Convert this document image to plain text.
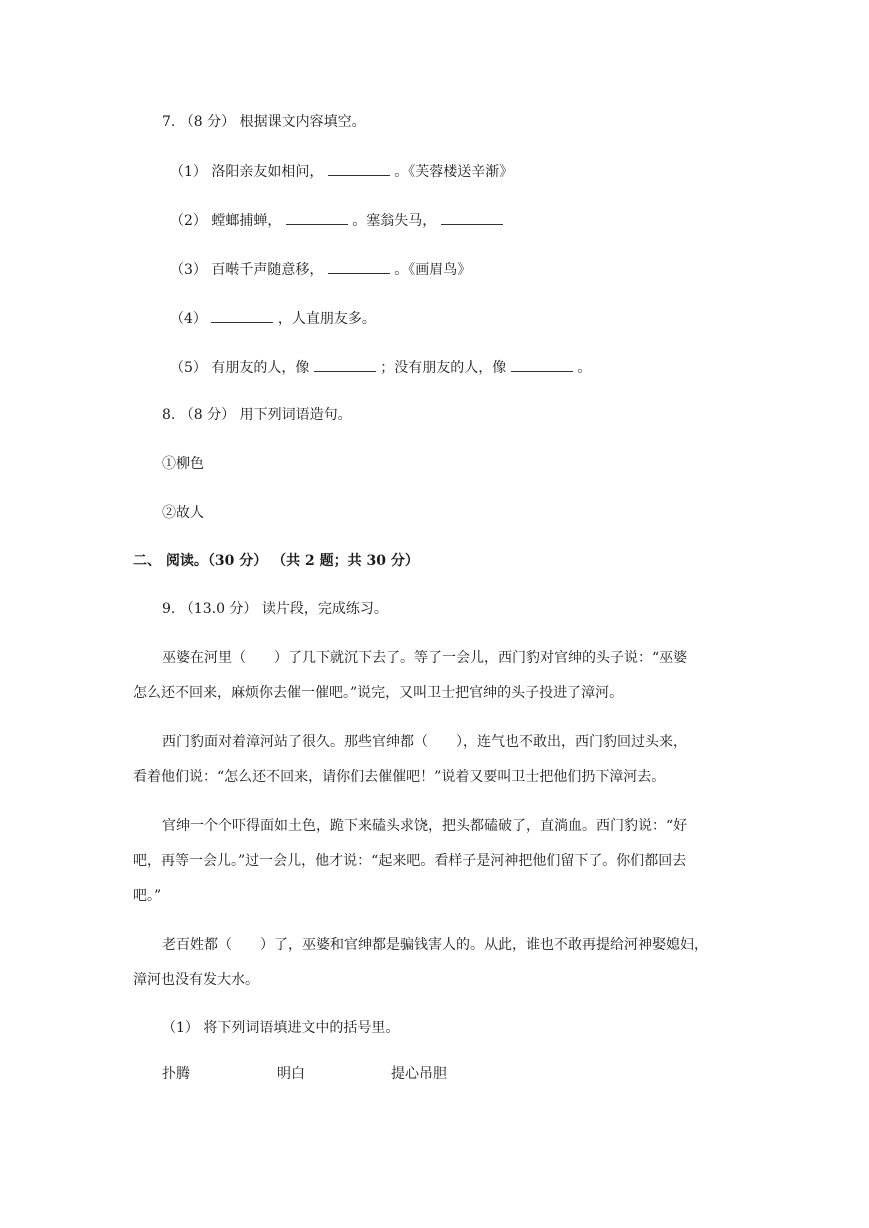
7. （8 分） 根据课文内容填空。
（1） 洛阳亲友如相问，	。《芙蓉楼送辛渐》
（2） 螳螂捕蝉，	。塞翁失马，
（3） 百啭千声随意移，	。《画眉鸟》
（4）	，人直朋友多。
（5） 有朋友的人，像	；没有朋友的人，像	。
8. （8 分） 用下列词语造句。
①柳色
②故人
二、 阅读。（30 分） （共 2 题；共 30 分）
9. （13.0 分） 读片段，完成练习。
巫婆在河里（　　）了几下就沉下去了。等了一会儿，西门豹对官绅的头子说：“巫婆
怎么还不回来，麻烦你去催一催吧。”说完，又叫卫士把官绅的头子投进了漳河。
西门豹面对着漳河站了很久。那些官绅都（　　），连气也不敢出，西门豹回过头来，
看着他们说：“怎么还不回来，请你们去催催吧！”说着又要叫卫士把他们扔下漳河去。
官绅一个个吓得面如土色，跪下来磕头求饶，把头都磕破了，直淌血。西门豹说：“好
吧，再等一会儿。”过一会儿，他才说：“起来吧。看样子是河神把他们留下了。你们都回去
吧。”
老百姓都（　　）了，巫婆和官绅都是骗钱害人的。从此，谁也不敢再提给河神娶媳妇，
漳河也没有发大水。
（1） 将下列词语填进文中的括号里。
扑腾	明白	提心吊胆
